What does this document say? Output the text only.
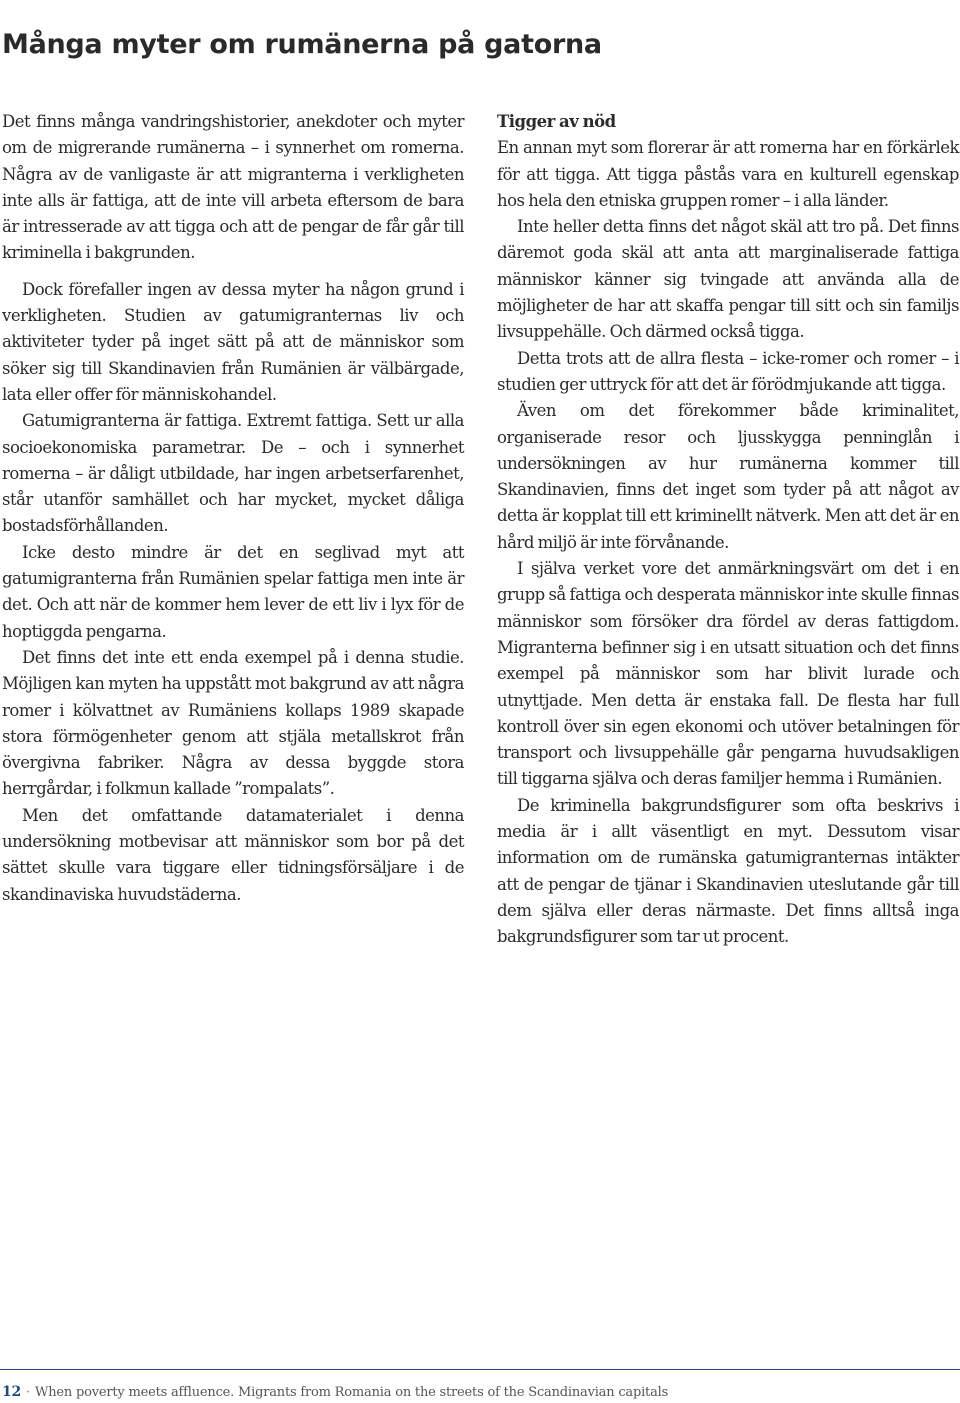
Många myter om rumänerna på gatorna

Det finns många vandringshistorier, anekdoter och myter om de migrerande rumänerna – i synnerhet om romerna. Några av de vanligaste är att migranterna i verkligheten inte alls är fattiga, att de inte vill arbeta eftersom de bara är intresserade av att tigga och att de pengar de får går till kriminella i bakgrunden.

Dock förefaller ingen av dessa myter ha någon grund i verkligheten. Studien av gatumigranternas liv och aktiviteter tyder på inget sätt på att de människor som söker sig till Skandinavien från Rumänien är välbärgade, lata eller offer för människohandel.

Gatumigranterna är fattiga. Extremt fattiga. Sett ur alla socioekonomiska parametrar. De – och i synnerhet romerna – är dåligt utbildade, har ingen arbetserfarenhet, står utanför samhället och har mycket, mycket dåliga bostadsförhållanden.

Icke desto mindre är det en seglivad myt att gatumigranterna från Rumänien spelar fattiga men inte är det. Och att när de kommer hem lever de ett liv i lyx för de hoptiggda pengarna.

Det finns det inte ett enda exempel på i denna studie. Möjligen kan myten ha uppstått mot bakgrund av att några romer i kölvattnet av Rumäniens kollaps 1989 skapade stora förmögenheter genom att stjäla metallskrot från övergivna fabriker. Några av dessa byggde stora herrgårdar, i folkmun kallade ”rompalats”.

Men det omfattande datamaterialet i denna undersökning motbevisar att människor som bor på det sättet skulle vara tiggare eller tidningsförsäljare i de skandinaviska huvudstäderna.

Tigger av nöd

En annan myt som florerar är att romerna har en förkärlek för att tigga. Att tigga påstås vara en kulturell egenskap hos hela den etniska gruppen romer – i alla länder.

Inte heller detta finns det något skäl att tro på. Det finns däremot goda skäl att anta att marginaliserade fattiga människor känner sig tvingade att använda alla de möjligheter de har att skaffa pengar till sitt och sin familjs livsuppehälle. Och därmed också tigga.

Detta trots att de allra flesta – icke-romer och romer – i studien ger uttryck för att det är förödmjukande att tigga.

Även om det förekommer både kriminalitet, organiserade resor och ljusskygga penninglån i undersökningen av hur rumänerna kommer till Skandinavien, finns det inget som tyder på att något av detta är kopplat till ett kriminellt nätverk. Men att det är en hård miljö är inte förvånande.

I själva verket vore det anmärkningsvärt om det i en grupp så fattiga och desperata människor inte skulle finnas människor som försöker dra fördel av deras fattigdom. Migranterna befinner sig i en utsatt situation och det finns exempel på människor som har blivit lurade och utnyttjade. Men detta är enstaka fall. De flesta har full kontroll över sin egen ekonomi och utöver betalningen för transport och livsuppehälle går pengarna huvudsakligen till tiggarna själva och deras familjer hemma i Rumänien.

De kriminella bakgrundsfigurer som ofta beskrivs i media är i allt väsentligt en myt. Dessutom visar information om de rumänska gatumigranternas intäkter att de pengar de tjänar i Skandinavien uteslutande går till dem själva eller deras närmaste. Det finns alltså inga bakgrundsfigurer som tar ut procent.

12 · When poverty meets affluence. Migrants from Romania on the streets of the Scandinavian capitals
